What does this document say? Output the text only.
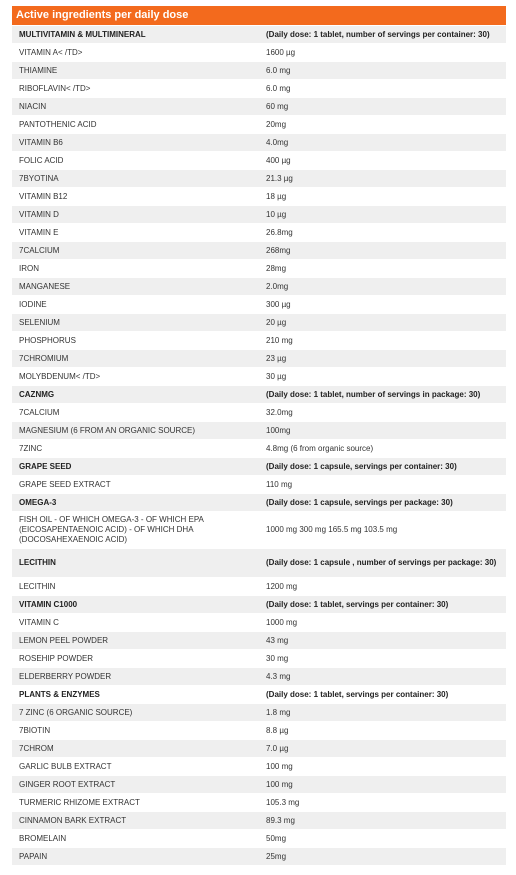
Active ingredients per daily dose
MULTIVITAMIN & MULTIMINERAL	(Daily dose: 1 tablet, number of servings per container: 30)
VITAMIN A< /TD>	1600 µg
THIAMINE	6.0 mg
RIBOFLAVIN< /TD>	6.0 mg
NIACIN	60 mg
PANTOTHENIC ACID	20mg
VITAMIN B6	4.0mg
FOLIC ACID	400 µg
7BYOTINA	21.3 µg
VITAMIN B12	18 µg
VITAMIN D	10 µg
VITAMIN E	26.8mg
7CALCIUM	268mg
IRON	28mg
MANGANESE	2.0mg
IODINE	300 µg
SELENIUM	20 µg
PHOSPHORUS	210 mg
7CHROMIUM	23 µg
MOLYBDENUM< /TD>	30 µg
CAZNMG	(Daily dose: 1 tablet, number of servings in package: 30)
7CALCIUM	32.0mg
MAGNESIUM (6 FROM AN ORGANIC SOURCE)	100mg
7ZINC	4.8mg (6 from organic source)
GRAPE SEED	(Daily dose: 1 capsule, servings per container: 30)
GRAPE SEED EXTRACT	110 mg
OMEGA-3	(Daily dose: 1 capsule, servings per package: 30)
FISH OIL - OF WHICH OMEGA-3 - OF WHICH EPA (EICOSAPENTAENOIC ACID) - OF WHICH DHA (DOCOSAHEXAENOIC ACID)	1000 mg 300 mg 165.5 mg 103.5 mg
LECITHIN	(Daily dose: 1 capsule , number of servings per package: 30)
LECITHIN	1200 mg
VITAMIN C1000	(Daily dose: 1 tablet, servings per container: 30)
VITAMIN C	1000 mg
LEMON PEEL POWDER	43 mg
ROSEHIP POWDER	30 mg
ELDERBERRY POWDER	4.3 mg
PLANTS & ENZYMES	(Daily dose: 1 tablet, servings per container: 30)
7 ZINC (6 ORGANIC SOURCE)	1.8 mg
7BIOTIN	8.8 µg
7CHROM	7.0 µg
GARLIC BULB EXTRACT	100 mg
GINGER ROOT EXTRACT	100 mg
TURMERIC RHIZOME EXTRACT	105.3 mg
CINNAMON BARK EXTRACT	89.3 mg
BROMELAIN	50mg
PAPAIN	25mg
